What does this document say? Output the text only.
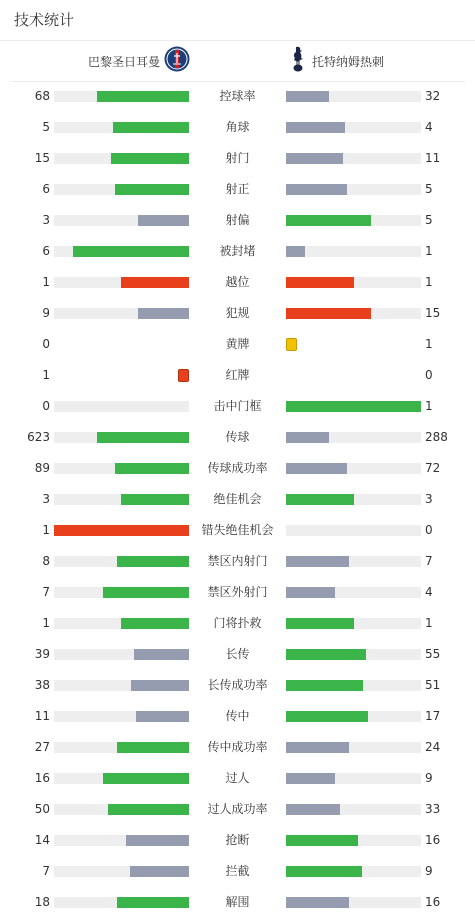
技术统计
巴黎圣日耳曼	托特纳姆热刺
68	控球率	32
5	角球	4
15	射门	11
6	射正	5
3	射偏	5
6	被封堵	1
1	越位	1
9	犯规	15
0	黄牌	1
1	红牌	0
0	击中门框	1
623	传球	288
89	传球成功率	72
3	绝佳机会	3
1	错失绝佳机会	0
8	禁区内射门	7
7	禁区外射门	4
1	门将扑救	1
39	长传	55
38	长传成功率	51
11	传中	17
27	传中成功率	24
16	过人	9
50	过人成功率	33
14	抢断	16
7	拦截	9
18	解围	16
